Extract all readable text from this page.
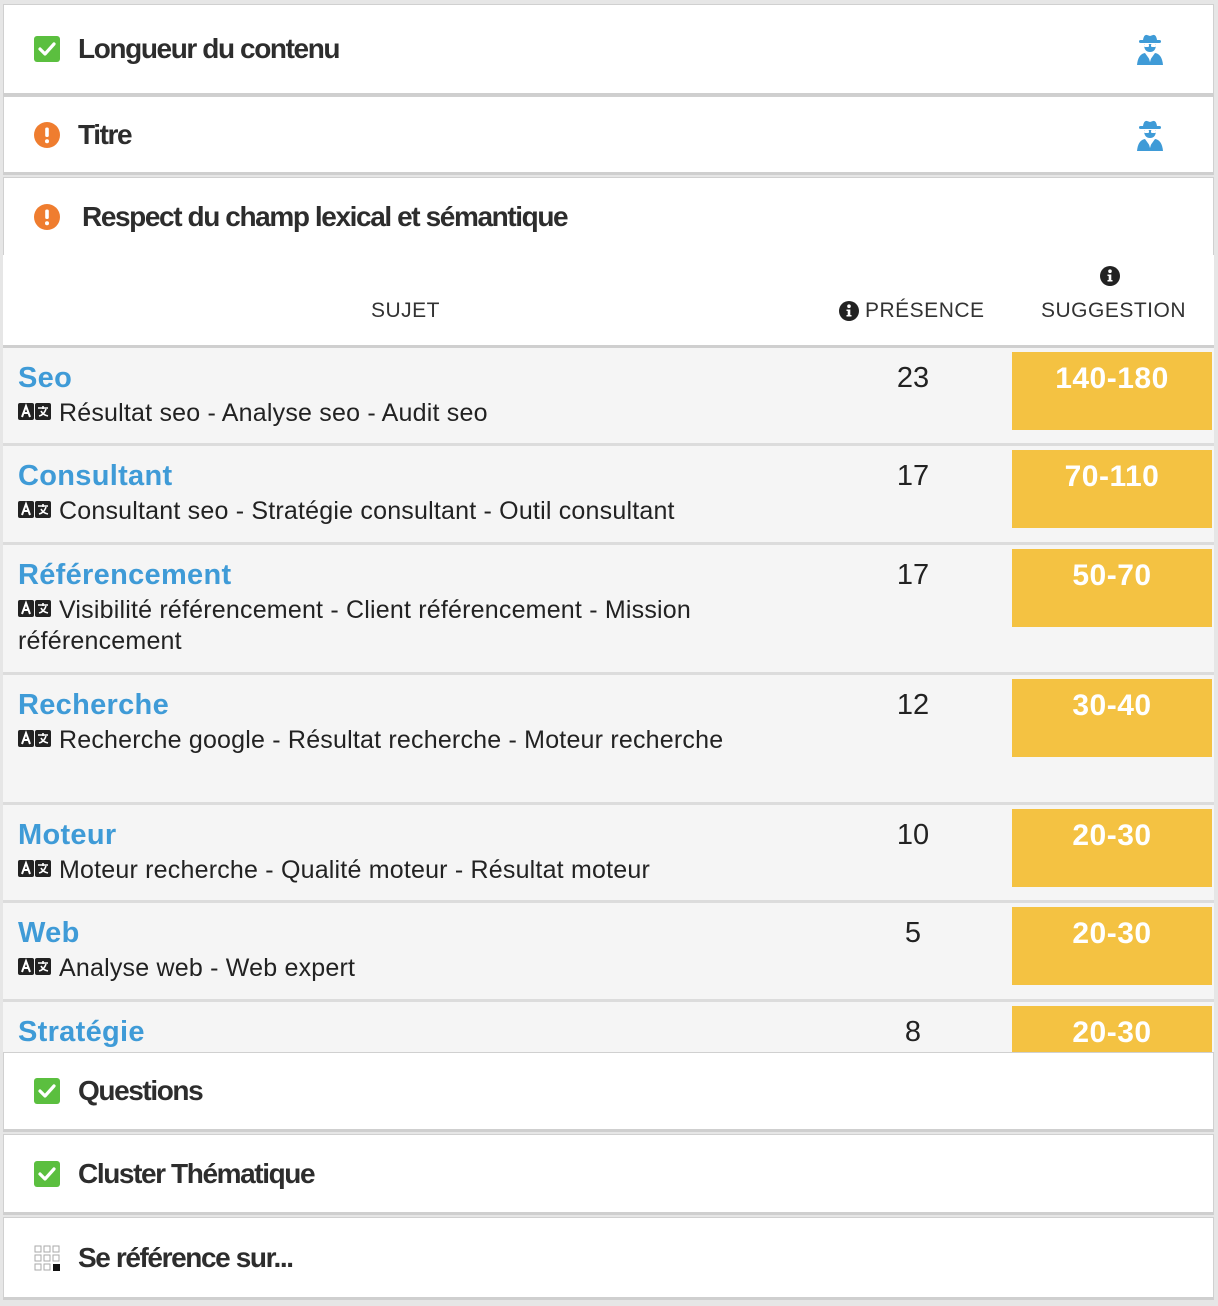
Longueur du contenu
Titre
Respect du champ lexical et sémantique
SUJET	PRÉSENCE	SUGGESTION
Seo
Résultat seo - Analyse seo - Audit seo
23	140-180
Consultant
Consultant seo - Stratégie consultant - Outil consultant
17	70-110
Référencement
Visibilité référencement - Client référencement - Mission référencement
17	50-70
Recherche
Recherche google - Résultat recherche - Moteur recherche
12	30-40
Moteur
Moteur recherche - Qualité moteur - Résultat moteur
10	20-30
Web
Analyse web - Web expert
5	20-30
Stratégie	8	20-30
Questions
Cluster Thématique
Se référence sur...
